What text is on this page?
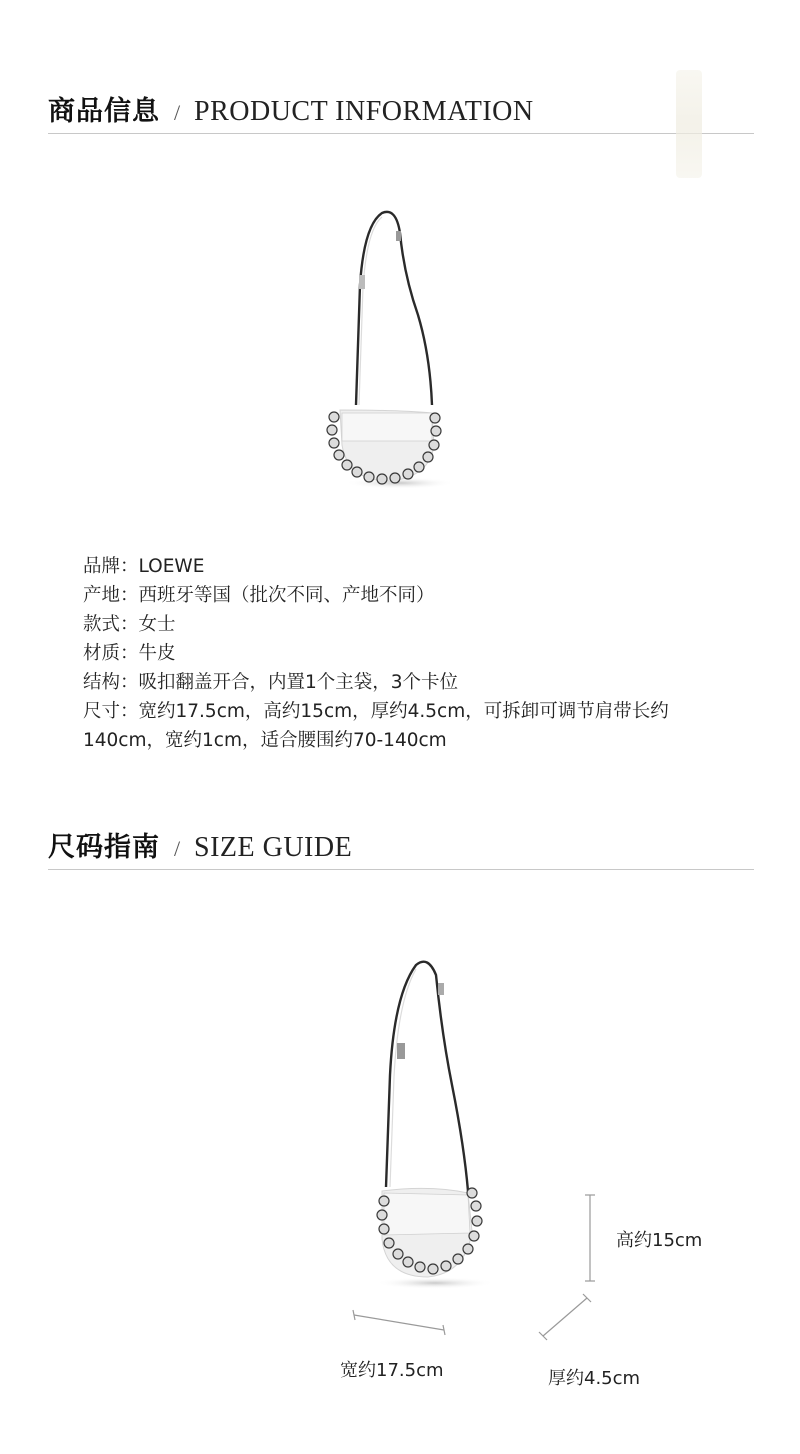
商品信息 / PRODUCT INFORMATION
品牌：LOEWE
产地：西班牙等国（批次不同、产地不同）
款式：女士
材质：牛皮
结构：吸扣翻盖开合，内置1个主袋，3个卡位
尺寸：宽约17.5cm，高约15cm，厚约4.5cm，可拆卸可调节肩带长约
140cm，宽约1cm，适合腰围约70-140cm
尺码指南 / SIZE GUIDE
高约15cm
宽约17.5cm	厚约4.5cm
